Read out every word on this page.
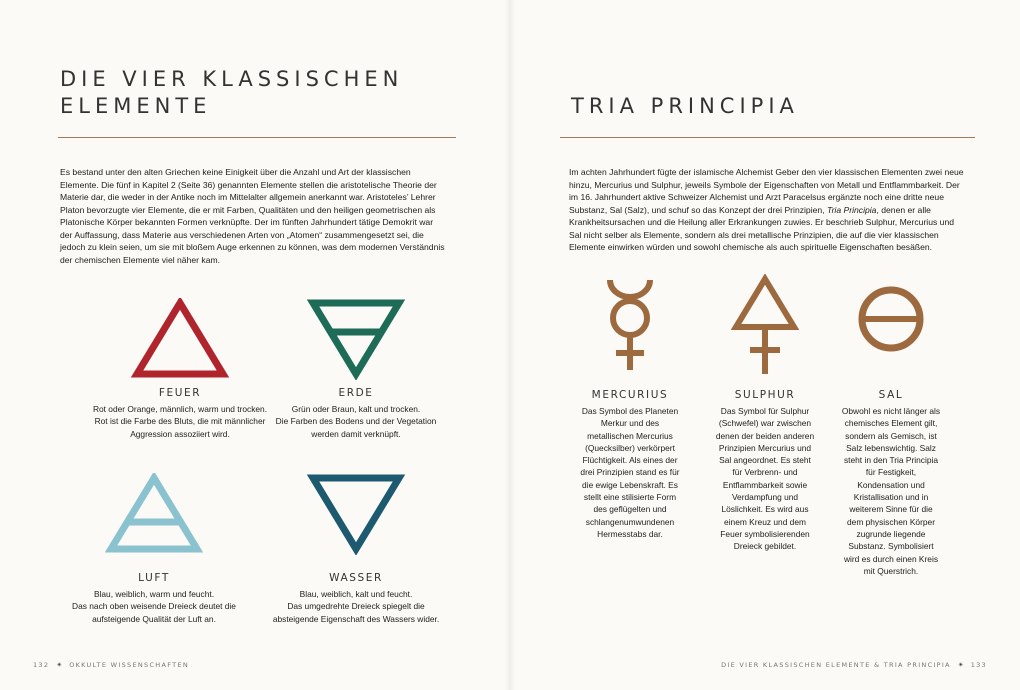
DIE VIER KLASSISCHEN
ELEMENTE

Es bestand unter den alten Griechen keine Einigkeit über die Anzahl und Art der klassischen Elemente. Die fünf in Kapitel 2 (Seite 36) genannten Elemente stellen die aristotelische Theorie der Materie dar, die weder in der Antike noch im Mittelalter allgemein anerkannt war. Aristoteles’ Lehrer Platon bevorzugte vier Elemente, die er mit Farben, Qualitäten und den heiligen geometrischen als Platonische Körper bekannten Formen verknüpfte. Der im fünften Jahrhundert tätige Demokrit war der Auffassung, dass Materie aus verschiedenen Arten von „Atomen“ zusammengesetzt sei, die jedoch zu klein seien, um sie mit bloßem Auge erkennen zu können, was dem modernen Verständnis der chemischen Elemente viel näher kam.

FEUER
Rot oder Orange, männlich, warm und trocken.
Rot ist die Farbe des Bluts, die mit männlicher
Aggression assoziiert wird.
ERDE
Grün oder Braun, kalt und trocken.
Die Farben des Bodens und der Vegetation
werden damit verknüpft.
LUFT
Blau, weiblich, warm und feucht.
Das nach oben weisende Dreieck deutet die
aufsteigende Qualität der Luft an.
WASSER
Blau, weiblich, kalt und feucht.
Das umgedrehte Dreieck spiegelt die
absteigende Eigenschaft des Wassers wider.
132 ✴ OKKULTE WISSENSCHAFTEN
TRIA PRINCIPIA

Im achten Jahrhundert fügte der islamische Alchemist Geber den vier klassischen Elementen zwei neue hinzu, Mercurius und Sulphur, jeweils Symbole der Eigenschaften von Metall und Entflammbarkeit. Der im 16. Jahrhundert aktive Schweizer Alchemist und Arzt Paracelsus ergänzte noch eine dritte neue Substanz, Sal (Salz), und schuf so das Konzept der drei Prinzipien, Tria Principia, denen er alle Krankheitsursachen und die Heilung aller Erkrankungen zuwies. Er beschrieb Sulphur, Mercurius und Sal nicht selber als Elemente, sondern als drei metallische Prinzipien, die auf die vier klassischen Elemente einwirken würden und sowohl chemische als auch spirituelle Eigenschaften besäßen.

MERCURIUS
Das Symbol des Planeten Merkur und des metallischen Mercurius (Quecksilber) verkörpert Flüchtigkeit. Als eines der drei Prinzipien stand es für die ewige Lebenskraft. Es stellt eine stilisierte Form des geflügelten und schlangenumwundenen Hermesstabs dar.
SULPHUR
Das Symbol für Sulphur (Schwefel) war zwischen denen der beiden anderen Prinzipien Mercurius und Sal angeordnet. Es steht für Verbrenn- und Entflammbarkeit sowie Verdampfung und Löslichkeit. Es wird aus einem Kreuz und dem Feuer symbolisierenden Dreieck gebildet.
SAL
Obwohl es nicht länger als chemisches Element gilt, sondern als Gemisch, ist Salz lebenswichtig. Salz steht in den Tria Principia für Festigkeit, Kondensation und Kristallisation und in weiterem Sinne für die dem physischen Körper zugrunde liegende Substanz. Symbolisiert wird es durch einen Kreis mit Querstrich.
DIE VIER KLASSISCHEN ELEMENTE & TRIA PRINCIPIA ✴ 133
